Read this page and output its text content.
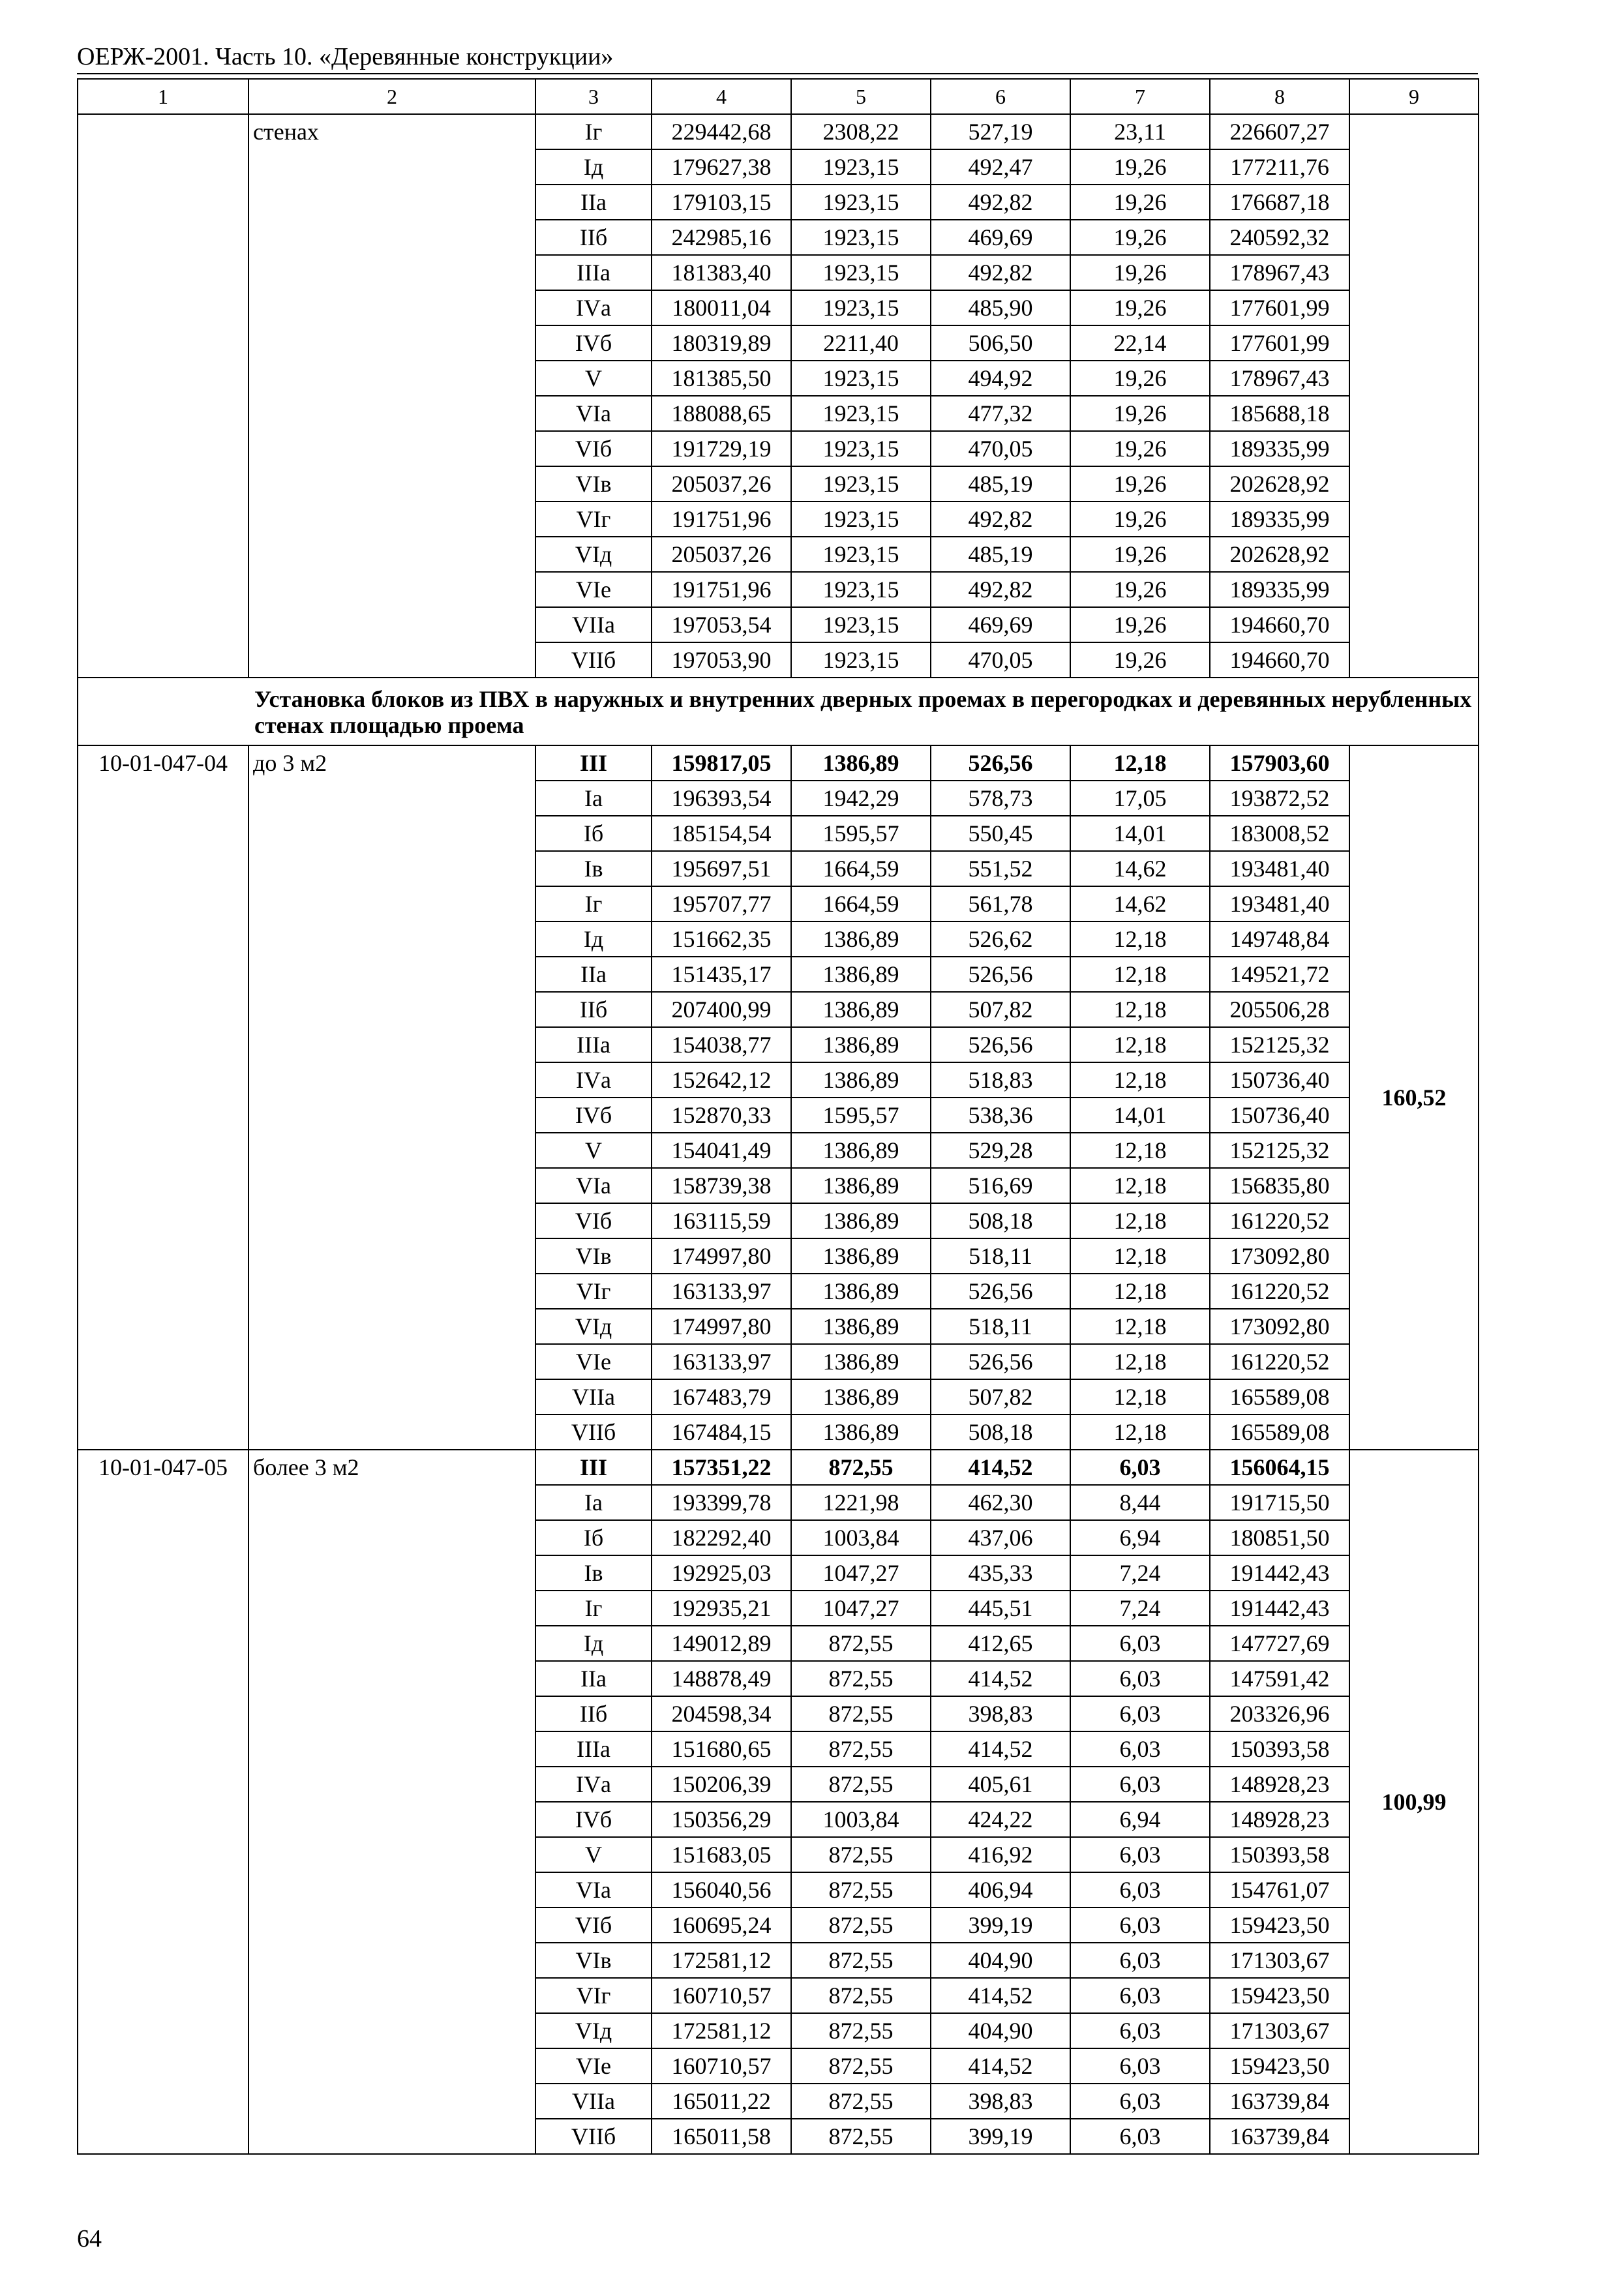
ОЕРЖ-2001. Часть 10. «Деревянные конструкции»
1	2	3	4	5	6	7	8	9
	стенах	Iг	229442,68	2308,22	527,19	23,11	226607,27	
		Iд	179627,38	1923,15	492,47	19,26	177211,76	
		IIа	179103,15	1923,15	492,82	19,26	176687,18	
		IIб	242985,16	1923,15	469,69	19,26	240592,32	
		IIIа	181383,40	1923,15	492,82	19,26	178967,43	
		IVа	180011,04	1923,15	485,90	19,26	177601,99	
		IVб	180319,89	2211,40	506,50	22,14	177601,99	
		V	181385,50	1923,15	494,92	19,26	178967,43	
		VIа	188088,65	1923,15	477,32	19,26	185688,18	
		VIб	191729,19	1923,15	470,05	19,26	189335,99	
		VIв	205037,26	1923,15	485,19	19,26	202628,92	
		VIг	191751,96	1923,15	492,82	19,26	189335,99	
		VIд	205037,26	1923,15	485,19	19,26	202628,92	
		VIе	191751,96	1923,15	492,82	19,26	189335,99	
		VIIа	197053,54	1923,15	469,69	19,26	194660,70	
		VIIб	197053,90	1923,15	470,05	19,26	194660,70	
Установка блоков из ПВХ в наружных и внутренних дверных проемах в перегородках и деревянных нерубленных стенах площадью проема								
10-01-047-04	до 3 м2	III	159817,05	1386,89	526,56	12,18	157903,60	160,52
		Iа	196393,54	1942,29	578,73	17,05	193872,52	
		Iб	185154,54	1595,57	550,45	14,01	183008,52	
		Iв	195697,51	1664,59	551,52	14,62	193481,40	
		Iг	195707,77	1664,59	561,78	14,62	193481,40	
		Iд	151662,35	1386,89	526,62	12,18	149748,84	
		IIа	151435,17	1386,89	526,56	12,18	149521,72	
		IIб	207400,99	1386,89	507,82	12,18	205506,28	
		IIIа	154038,77	1386,89	526,56	12,18	152125,32	
		IVа	152642,12	1386,89	518,83	12,18	150736,40	
		IVб	152870,33	1595,57	538,36	14,01	150736,40	
		V	154041,49	1386,89	529,28	12,18	152125,32	
		VIа	158739,38	1386,89	516,69	12,18	156835,80	
		VIб	163115,59	1386,89	508,18	12,18	161220,52	
		VIв	174997,80	1386,89	518,11	12,18	173092,80	
		VIг	163133,97	1386,89	526,56	12,18	161220,52	
		VIд	174997,80	1386,89	518,11	12,18	173092,80	
		VIе	163133,97	1386,89	526,56	12,18	161220,52	
		VIIа	167483,79	1386,89	507,82	12,18	165589,08	
		VIIб	167484,15	1386,89	508,18	12,18	165589,08	
10-01-047-05	более 3 м2	III	157351,22	872,55	414,52	6,03	156064,15	100,99
		Iа	193399,78	1221,98	462,30	8,44	191715,50	
		Iб	182292,40	1003,84	437,06	6,94	180851,50	
		Iв	192925,03	1047,27	435,33	7,24	191442,43	
		Iг	192935,21	1047,27	445,51	7,24	191442,43	
		Iд	149012,89	872,55	412,65	6,03	147727,69	
		IIа	148878,49	872,55	414,52	6,03	147591,42	
		IIб	204598,34	872,55	398,83	6,03	203326,96	
		IIIа	151680,65	872,55	414,52	6,03	150393,58	
		IVа	150206,39	872,55	405,61	6,03	148928,23	
		IVб	150356,29	1003,84	424,22	6,94	148928,23	
		V	151683,05	872,55	416,92	6,03	150393,58	
		VIа	156040,56	872,55	406,94	6,03	154761,07	
		VIб	160695,24	872,55	399,19	6,03	159423,50	
		VIв	172581,12	872,55	404,90	6,03	171303,67	
		VIг	160710,57	872,55	414,52	6,03	159423,50	
		VIд	172581,12	872,55	404,90	6,03	171303,67	
		VIе	160710,57	872,55	414,52	6,03	159423,50	
		VIIа	165011,22	872,55	398,83	6,03	163739,84	
		VIIб	165011,58	872,55	399,19	6,03	163739,84	
64
